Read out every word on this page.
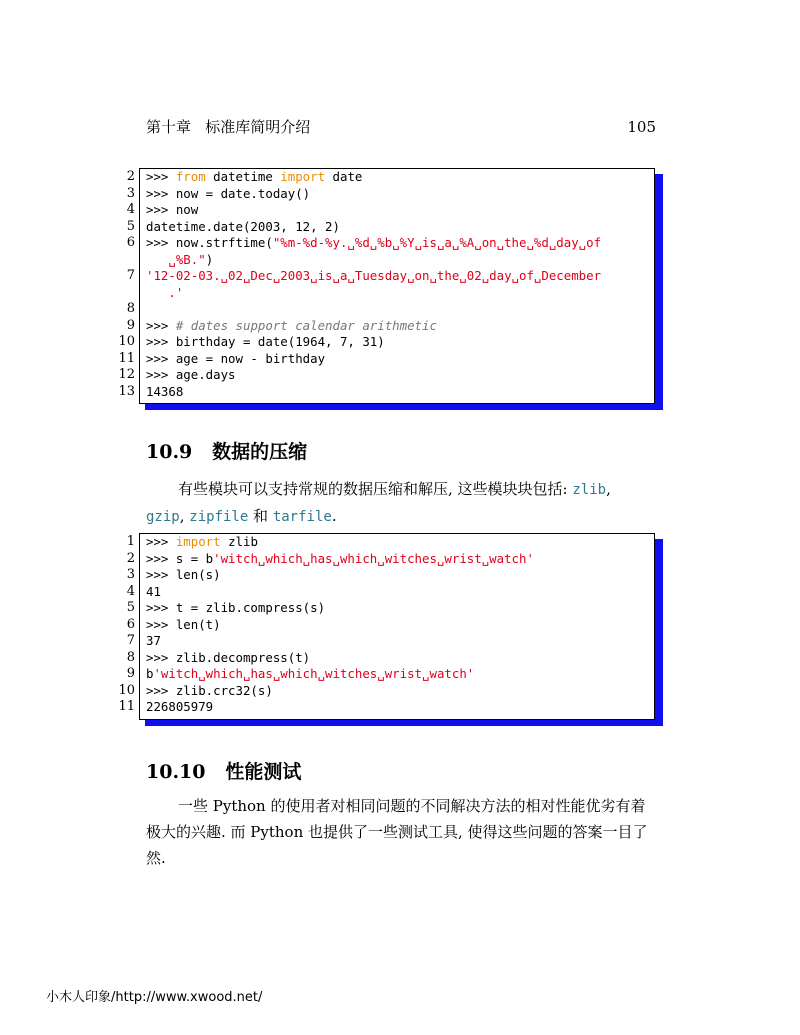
第十章   标准库简明介绍	105
2 >>> from datetime import date
3 >>> now = date.today()
4 >>> now
5 datetime.date(2003, 12, 2)
6 >>> now.strftime("%m-%d-%y.␣%d␣%b␣%Y␣is␣a␣%A␣on␣the␣%d␣day␣of
␣%B.")
7 '12-02-03.␣02␣Dec␣2003␣is␣a␣Tuesday␣on␣the␣02␣day␣of␣December
.'
8
9 >>> # dates support calendar arithmetic
10 >>> birthday = date(1964, 7, 31)
11 >>> age = now - birthday
12 >>> age.days
13 14368
10.9 数据的压缩
有些模块可以支持常规的数据压缩和解压, 这些模块块包括: zlib,
gzip, zipfile 和 tarfile.
1 >>> import zlib
2 >>> s = b'witch␣which␣has␣which␣witches␣wrist␣watch'
3 >>> len(s)
4 41
5 >>> t = zlib.compress(s)
6 >>> len(t)
7 37
8 >>> zlib.decompress(t)
9 b'witch␣which␣has␣which␣witches␣wrist␣watch'
10 >>> zlib.crc32(s)
11 226805979
10.10 性能测试
一些 Python 的使用者对相同问题的不同解决方法的相对性能优劣有着极大的兴趣. 而 Python 也提供了一些测试工具, 使得这些问题的答案一目了然.
小木人印象/http://www.xwood.net/
